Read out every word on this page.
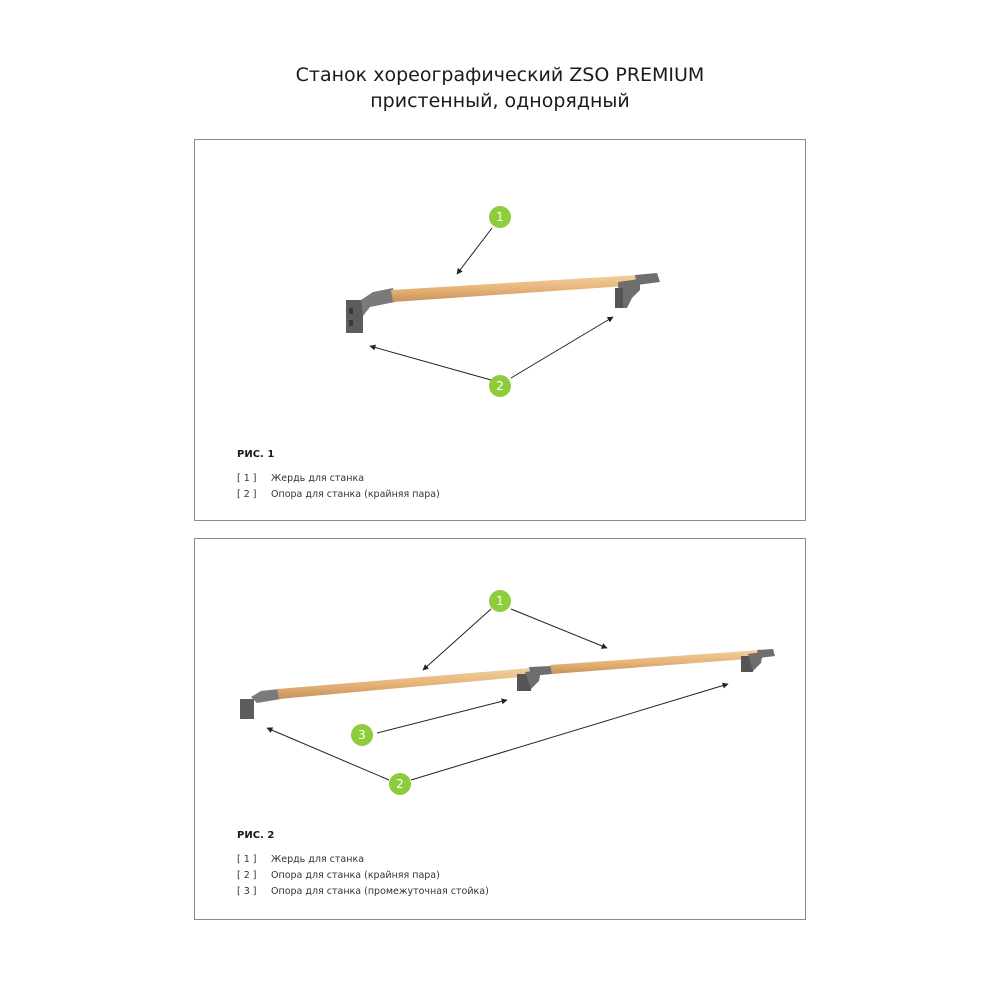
Станок хореографический ZSO PREMIUM
пристенный, однорядный
1
2
РИС. 1
[ 1 ] Жердь для станка
[ 2 ] Опора для станка (крайняя пара)
1
3
2
РИС. 2
[ 1 ] Жердь для станка
[ 2 ] Опора для станка (крайняя пара)
[ 3 ] Опора для станка (промежуточная стойка)
